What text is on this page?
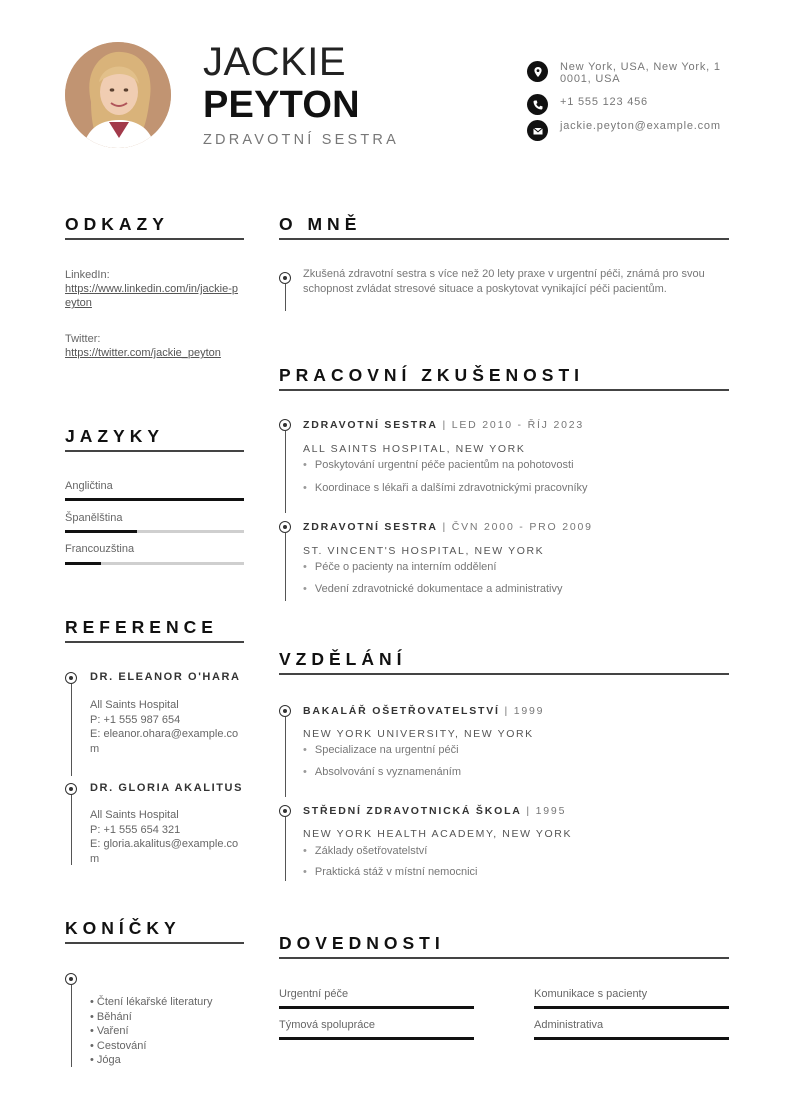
JACKIE
PEYTON
ZDRAVOTNÍ SESTRA
New York, USA, New York, 10001, USA
+1 555 123 456
jackie.peyton@example.com
ODKAZY
LinkedIn:
https://www.linkedin.com/in/jackie-peyton
Twitter:
https://twitter.com/jackie_peyton
JAZYKY
Angličtina
Španělština
Francouzština
REFERENCE
DR. ELEANOR O'HARA
All Saints Hospital
P: +1 555 987 654
E: eleanor.ohara@example.com
DR. GLORIA AKALITUS
All Saints Hospital
P: +1 555 654 321
E: gloria.akalitus@example.com
KONÍČKY
• Čtení lékařské literatury
• Běhání
• Vaření
• Cestování
• Jóga
O MNĚ
Zkušená zdravotní sestra s více než 20 lety praxe v urgentní péči, známá pro svou schopnost zvládat stresové situace a poskytovat vynikající péči pacientům.
PRACOVNÍ ZKUŠENOSTI
ZDRAVOTNÍ SESTRA | LED 2010 - ŘÍJ 2023
ALL SAINTS HOSPITAL, NEW YORK
• Poskytování urgentní péče pacientům na pohotovosti
• Koordinace s lékaři a dalšími zdravotnickými pracovníky
ZDRAVOTNÍ SESTRA | ČVN 2000 - PRO 2009
ST. VINCENT'S HOSPITAL, NEW YORK
• Péče o pacienty na interním oddělení
• Vedení zdravotnické dokumentace a administrativy
VZDĚLÁNÍ
BAKALÁŘ OŠETŘOVATELSTVÍ | 1999
NEW YORK UNIVERSITY, NEW YORK
• Specializace na urgentní péči
• Absolvování s vyznamenáním
STŘEDNÍ ZDRAVOTNICKÁ ŠKOLA | 1995
NEW YORK HEALTH ACADEMY, NEW YORK
• Základy ošetřovatelství
• Praktická stáž v místní nemocnici
DOVEDNOSTI
Urgentní péče	Komunikace s pacienty
Týmová spolupráce	Administrativa
